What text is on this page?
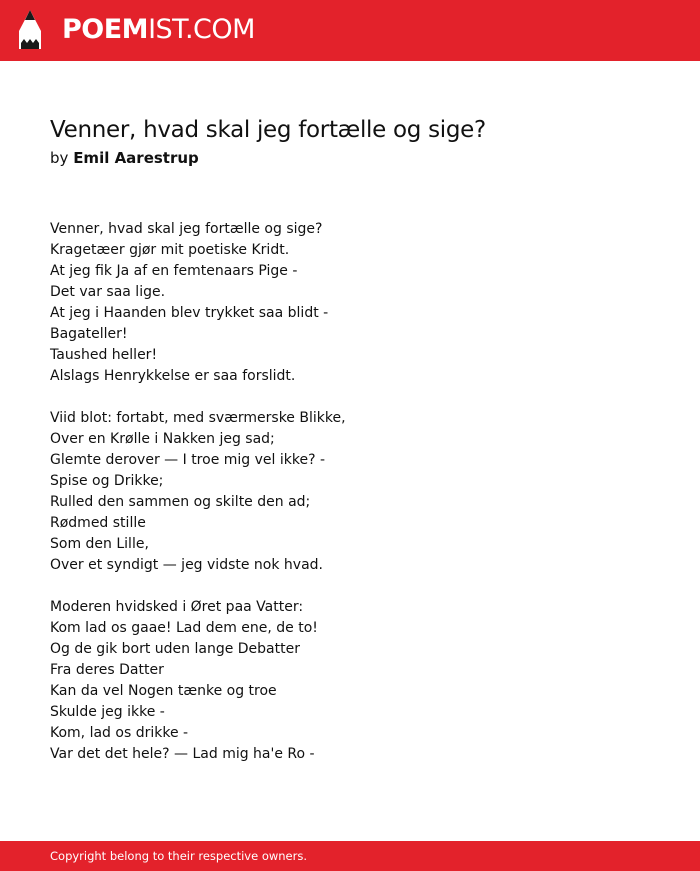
POEMIST.COM
Venner, hvad skal jeg fortælle og sige?
by Emil Aarestrup
Venner, hvad skal jeg fortælle og sige?
Kragetæer gjør mit poetiske Kridt.
At jeg fik Ja af en femtenaars Pige -
Det var saa lige.
At jeg i Haanden blev trykket saa blidt -
Bagateller!
Taushed heller!
Alslags Henrykkelse er saa forslidt.
Viid blot: fortabt, med sværmerske Blikke,
Over en Krølle i Nakken jeg sad;
Glemte derover — I troe mig vel ikke? -
Spise og Drikke;
Rulled den sammen og skilte den ad;
Rødmed stille
Som den Lille,
Over et syndigt — jeg vidste nok hvad.
Moderen hvidsked i Øret paa Vatter:
Kom lad os gaae! Lad dem ene, de to!
Og de gik bort uden lange Debatter
Fra deres Datter
Kan da vel Nogen tænke og troe
Skulde jeg ikke -
Kom, lad os drikke -
Var det det hele? — Lad mig ha'e Ro -
Copyright belong to their respective owners.
